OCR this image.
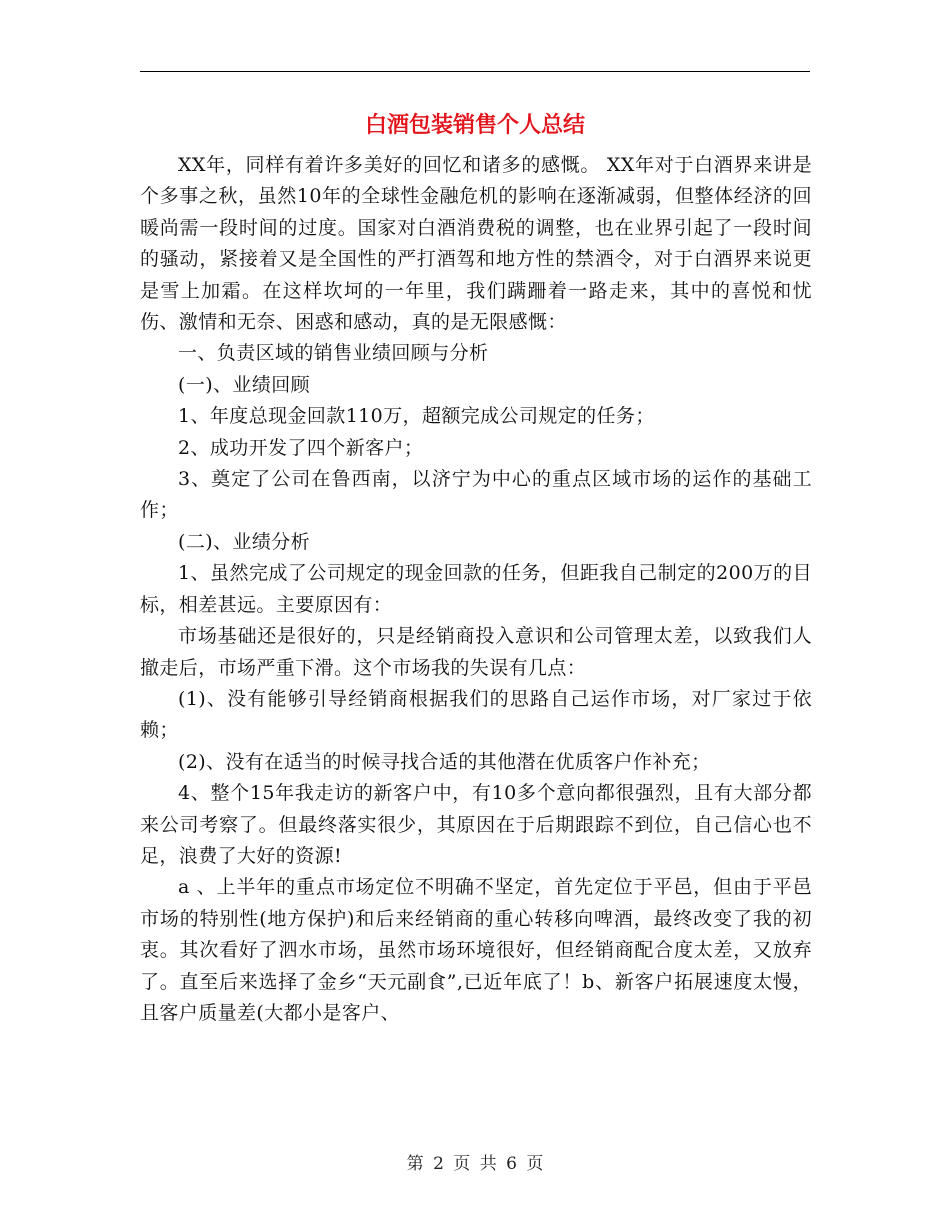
白酒包装销售个人总结

XX年，同样有着许多美好的回忆和诸多的感慨。 XX年对于白酒界来讲是个多事之秋，虽然10年的全球性金融危机的影响在逐渐减弱，但整体经济的回暖尚需一段时间的过度。国家对白酒消费税的调整，也在业界引起了一段时间的骚动，紧接着又是全国性的严打酒驾和地方性的禁酒令，对于白酒界来说更是雪上加霜。在这样坎坷的一年里，我们蹒跚着一路走来，其中的喜悦和忧伤、激情和无奈、困惑和感动，真的是无限感慨：

一、负责区域的销售业绩回顾与分析

(一)、业绩回顾

1、年度总现金回款110万，超额完成公司规定的任务；

2、成功开发了四个新客户；

3、奠定了公司在鲁西南，以济宁为中心的重点区域市场的运作的基础工作；

(二)、业绩分析

1、虽然完成了公司规定的现金回款的任务，但距我自己制定的200万的目标，相差甚远。主要原因有：

市场基础还是很好的，只是经销商投入意识和公司管理太差，以致我们人撤走后，市场严重下滑。这个市场我的失误有几点：

(1)、没有能够引导经销商根据我们的思路自己运作市场，对厂家过于依赖；

(2)、没有在适当的时候寻找合适的其他潜在优质客户作补充；

4、整个15年我走访的新客户中，有10多个意向都很强烈，且有大部分都来公司考察了。但最终落实很少，其原因在于后期跟踪不到位，自己信心也不足，浪费了大好的资源!

a 、上半年的重点市场定位不明确不坚定，首先定位于平邑，但由于平邑市场的特别性(地方保护)和后来经销商的重心转移向啤酒，最终改变了我的初衷。其次看好了泗水市场，虽然市场环境很好，但经销商配合度太差，又放弃了。直至后来选择了金乡“天元副食”,已近年底了！b、新客户拓展速度太慢，且客户质量差(大都小是客户、

第 2 页 共 6 页
